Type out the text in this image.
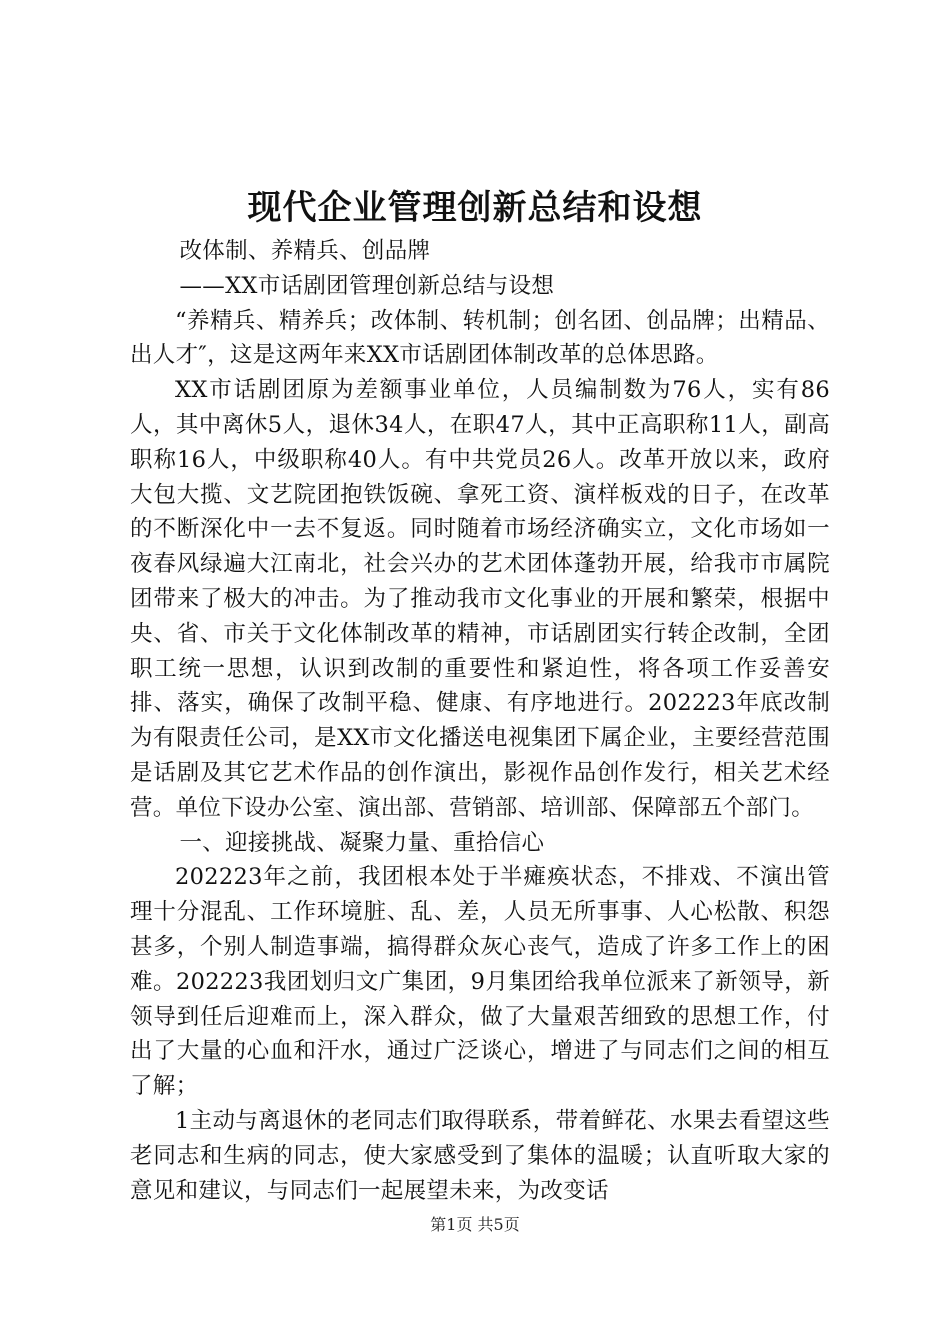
现代企业管理创新总结和设想

改体制、养精兵、创品牌

——XX市话剧团管理创新总结与设想

“养精兵、精养兵；改体制、转机制；创名团、创品牌；出精品、出人才″，这是这两年来XX市话剧团体制改革的总体思路。

XX市话剧团原为差额事业单位，人员编制数为76人，实有86人，其中离休5人，退休34人，在职47人，其中正高职称11人，副高职称16人，中级职称40人。有中共党员26人。改革开放以来，政府大包大揽、文艺院团抱铁饭碗、拿死工资、演样板戏的日子，在改革的不断深化中一去不复返。同时随着市场经济确实立，文化市场如一夜春风绿遍大江南北，社会兴办的艺术团体蓬勃开展，给我市市属院团带来了极大的冲击。为了推动我市文化事业的开展和繁荣，根据中央、省、市关于文化体制改革的精神，市话剧团实行转企改制，全团职工统一思想，认识到改制的重要性和紧迫性，将各项工作妥善安排、落实，确保了改制平稳、健康、有序地进行。202223年底改制为有限责任公司，是XX市文化播送电视集团下属企业，主要经营范围是话剧及其它艺术作品的创作演出，影视作品创作发行，相关艺术经营。单位下设办公室、演出部、营销部、培训部、保障部五个部门。

一、迎接挑战、凝聚力量、重拾信心

202223年之前，我团根本处于半瘫痪状态，不排戏、不演出管理十分混乱、工作环境脏、乱、差，人员无所事事、人心松散、积怨甚多，个别人制造事端，搞得群众灰心丧气，造成了许多工作上的困难。202223我团划归文广集团，9月集团给我单位派来了新领导，新领导到任后迎难而上，深入群众，做了大量艰苦细致的思想工作，付出了大量的心血和汗水，通过广泛谈心，增进了与同志们之间的相互了解；

1主动与离退休的老同志们取得联系，带着鲜花、水果去看望这些老同志和生病的同志，使大家感受到了集体的温暖；认直听取大家的意见和建议，与同志们一起展望未来，为改变话

第1页 共5页
